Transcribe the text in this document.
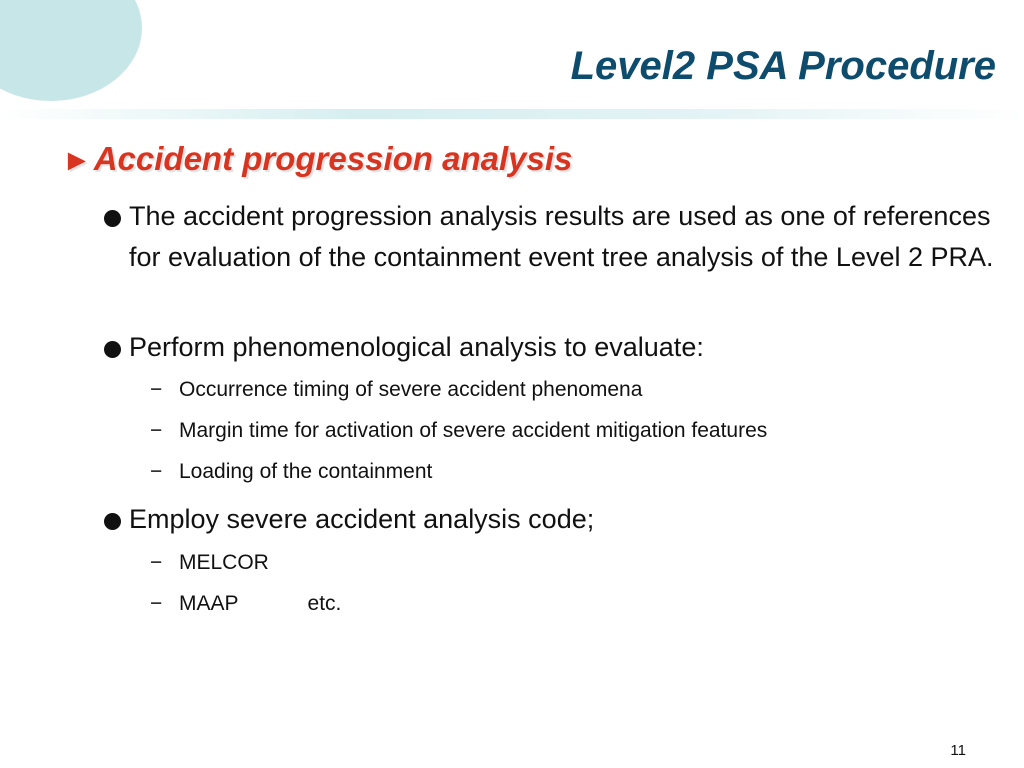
Level2 PSA Procedure
►Accident progression analysis
The accident progression analysis results are used as one of references for evaluation of the containment event tree analysis of the Level 2 PRA.
Perform phenomenological analysis to evaluate:
− Occurrence timing of severe accident phenomena
− Margin time for activation of severe accident mitigation features
− Loading of the containment
Employ severe accident analysis code;
− MELCOR
− MAAP	etc.
11
